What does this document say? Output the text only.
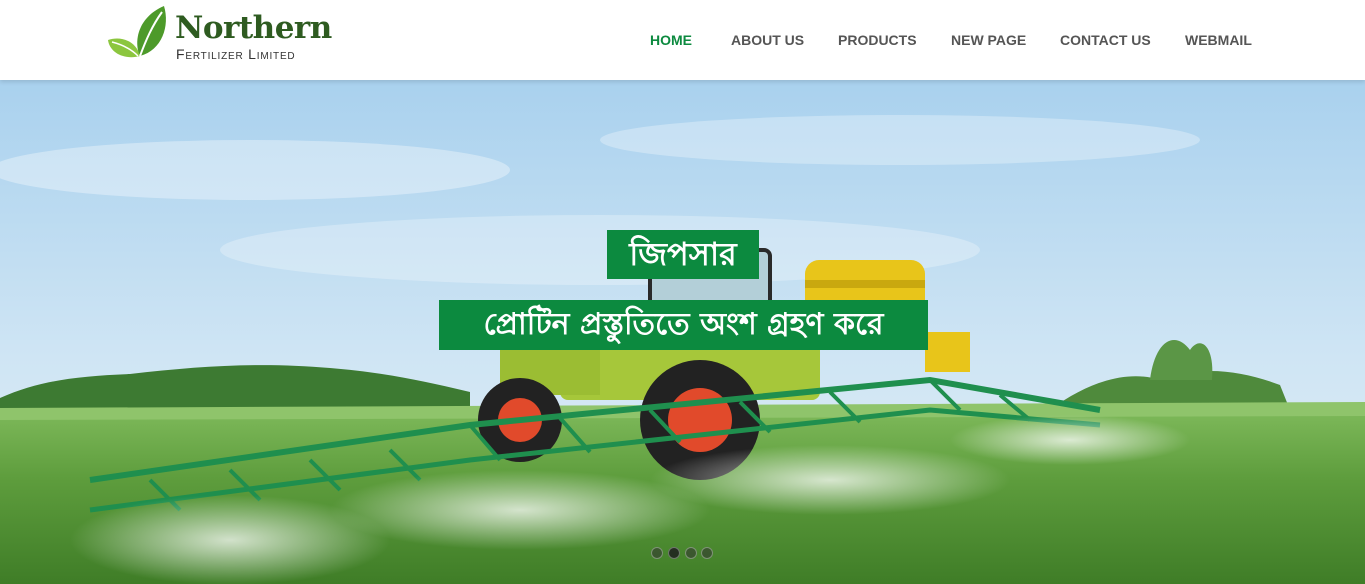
Northern
Fertilizer Limited
HOME	ABOUT US PRODUCTS NEW PAGE CONTACT US WEBMAIL
জিপসার
প্রোটিন প্রস্তুতিতে অংশ গ্রহণ করে
